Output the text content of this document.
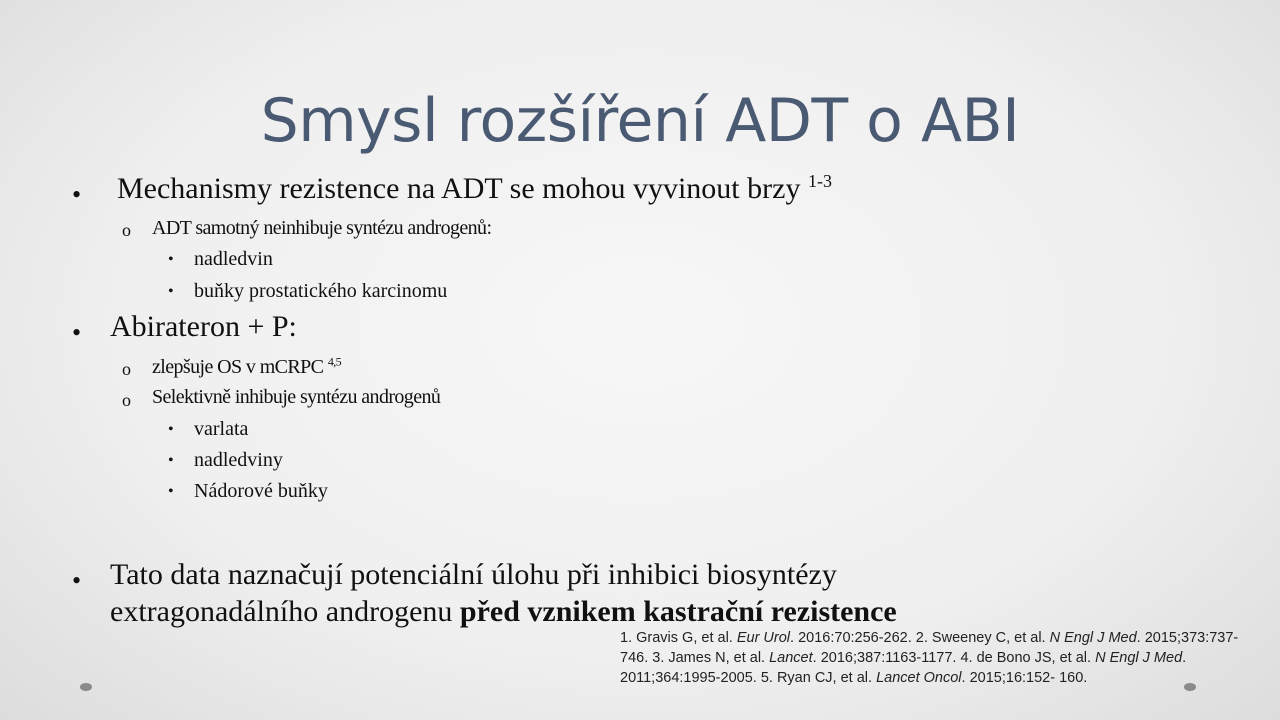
Smysl rozšíření ADT o ABI
• Mechanismy rezistence na ADT se mohou vyvinout brzy $^{1-3}$
o ADT samotný neinhibuje syntézu androgenů:
• nadledvin
• buňky prostatického karcinomu
• Abirateron + P:
o zlepšuje OS v mCRPC $^{4,5}$
o Selektivně inhibuje syntézu androgenů
• varlata
• nadledviny
• Nádorové buňky
• Tato data naznačují potenciální úlohu při inhibici biosyntézy
extragonadálního androgenu před vznikem kastrační rezistence
1. Gravis G, et al. Eur Urol. 2016:70:256-262. 2. Sweeney C, et al. N Engl J Med. 2015;373:737-746. 3. James N, et al. Lancet. 2016;387:1163-1177. 4. de Bono JS, et al. N Engl J Med. 2011;364:1995-2005. 5. Ryan CJ, et al. Lancet Oncol. 2015;16:152- 160.
